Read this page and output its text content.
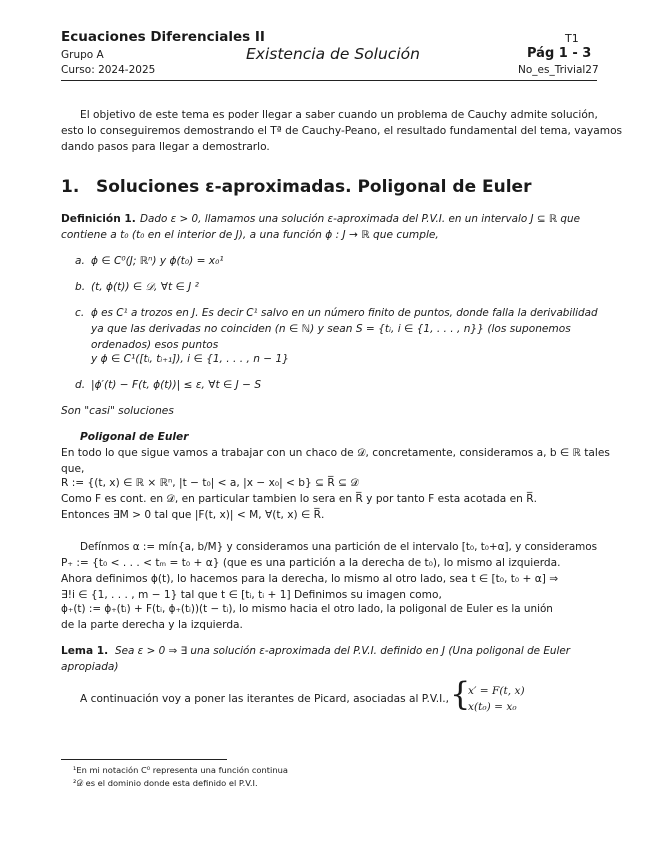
Ecuaciones Diferenciales II
Grupo A
Curso: 2024-2025
Existencia de Solución
T1
Pág 1 - 3
No_es_Trivial27
El objetivo de este tema es poder llegar a saber cuando un problema de Cauchy admite solución,
esto lo conseguiremos demostrando el Tª de Cauchy-Peano, el resultado fundamental del tema, vayamos
dando pasos para llegar a demostrarlo.
1. Soluciones ε-aproximadas. Poligonal de Euler
Definición 1. Dado ε > 0, llamamos una solución ε-aproximada del P.V.I. en un intervalo J ⊆ ℝ que
contiene a t₀ (t₀ en el interior de J), a una función ϕ : J → ℝ que cumple,
a. ϕ ∈ C⁰(J; ℝⁿ) y ϕ(t₀) = x₀¹
b. (t, ϕ(t)) ∈ 𝒟, ∀t ∈ J ²
c. ϕ es C¹ a trozos en J. Es decir C¹ salvo en un número finito de puntos, donde falla la derivabilidad
ya que las derivadas no coinciden (n ∈ ℕ) y sean S = {tᵢ, i ∈ {1, . . . , n}} (los suponemos
ordenados) esos puntos
y ϕ ∈ C¹([tᵢ, tᵢ₊₁]), i ∈ {1, . . . , n − 1}
d. |ϕ′(t) − F(t, ϕ(t))| ≤ ε, ∀t ∈ J − S
Son "casi" soluciones
Poligonal de Euler
En todo lo que sigue vamos a trabajar con un chaco de 𝒟, concretamente, consideramos a, b ∈ ℝ tales
que,
R := {(t, x) ∈ ℝ × ℝⁿ, |t − t₀| < a, |x − x₀| < b} ⊆ R̅ ⊆ 𝒟
Como F es cont. en 𝒟, en particular tambien lo sera en R̅ y por tanto F esta acotada en R̅.
Entonces ∃M > 0 tal que |F(t, x)| < M, ∀(t, x) ∈ R̅.
Defínmos α := mín{a, b/M} y consideramos una partición de el intervalo [t₀, t₀+α], y consideramos
P₊ := {t₀ < . . . < tₘ = t₀ + α} (que es una partición a la derecha de t₀), lo mismo al izquierda.
Ahora definimos ϕ(t), lo hacemos para la derecha, lo mismo al otro lado, sea t ∈ [t₀, t₀ + α] ⇒
∃!i ∈ {1, . . . , m − 1} tal que t ∈ [tᵢ, tᵢ + 1] Definimos su imagen como,
ϕ₊(t) := ϕ₊(tᵢ) + F(tᵢ, ϕ₊(tᵢ))(t − tᵢ), lo mismo hacia el otro lado, la poligonal de Euler es la unión
de la parte derecha y la izquierda.
Lema 1. Sea ε > 0 ⇒ ∃ una solución ε-aproximada del P.V.I. definido en J (Una poligonal de Euler
apropiada)
A continuación voy a poner las iterantes de Picard, asociadas al P.V.I., {
x′ = F(t, x)
x(t₀) = x₀
¹En mi notación C⁰ representa una función continua
²𝒟 es el dominio donde esta definido el P.V.I.
